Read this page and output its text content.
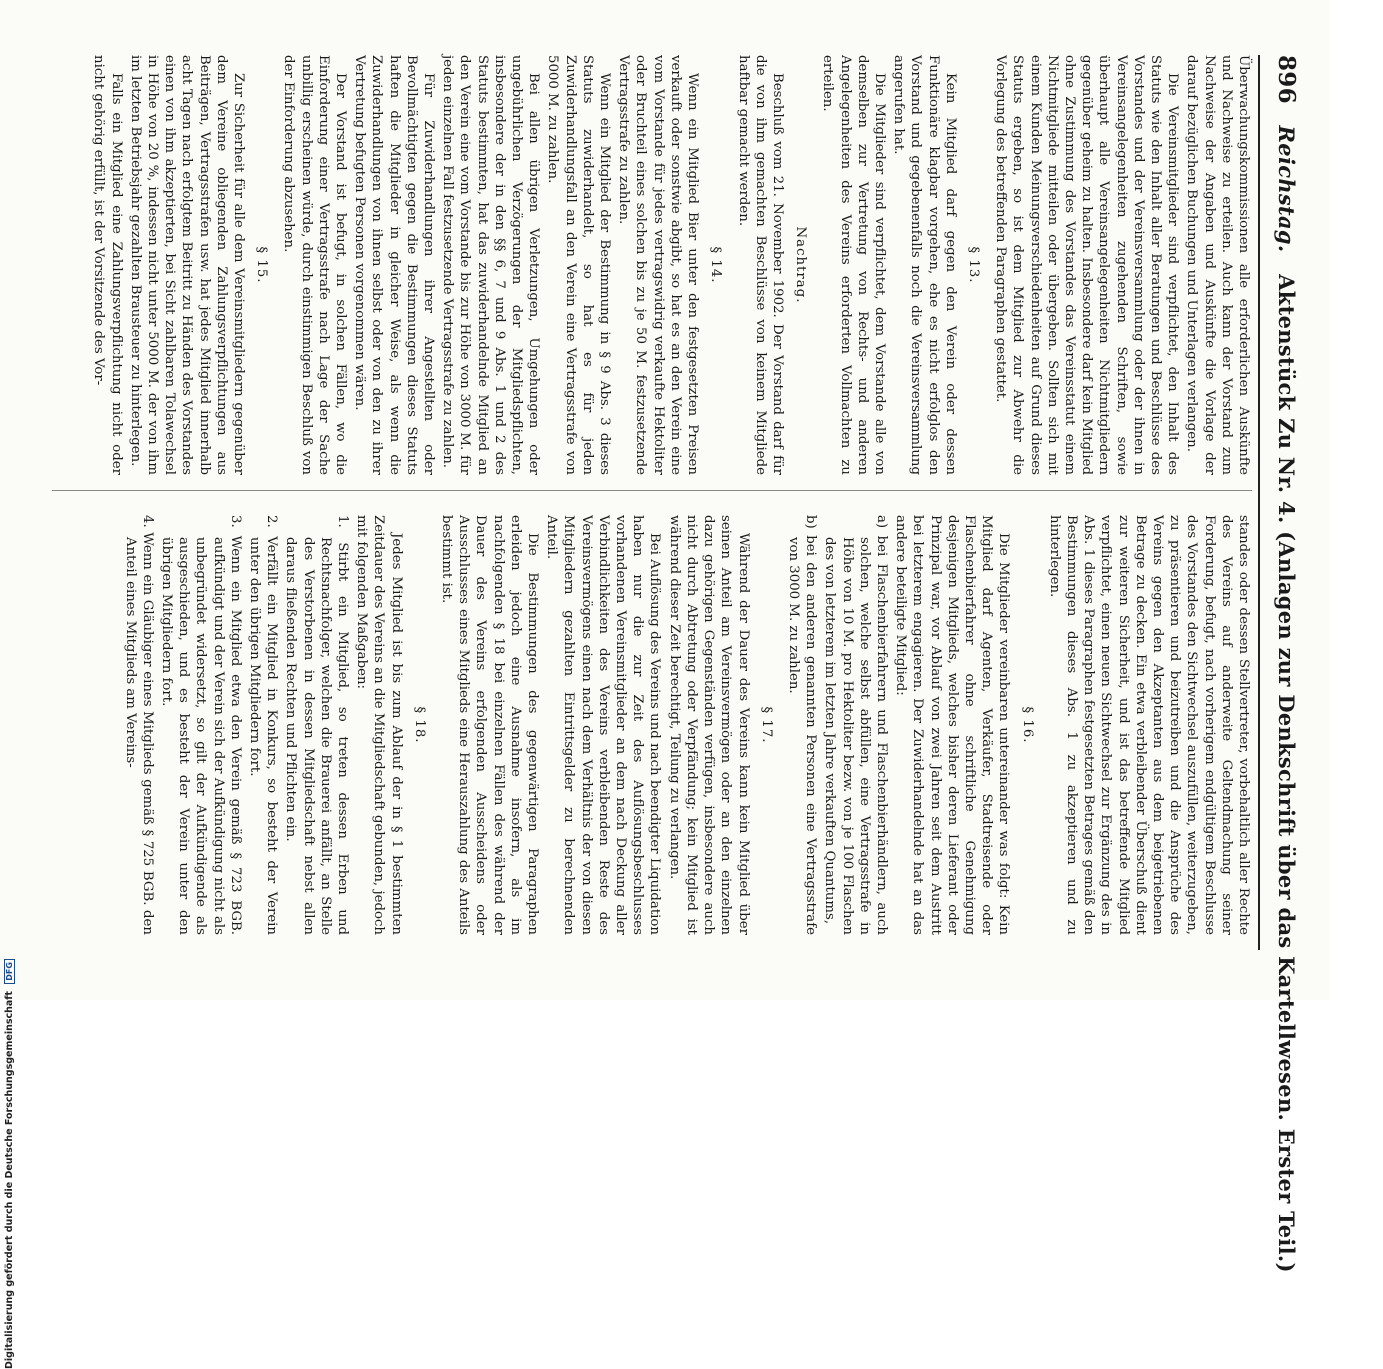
896 Reichstag. Aktenstück Zu Nr. 4. (Anlagen zur Denkschrift über das Kartellwesen. Erster Teil.)

Überwachungskommissionen alle erforderlichen Auskünfte und Nachweise zu erteilen. Auch kann der Vorstand zum Nachweise der Angaben und Auskünfte die Vorlage der darauf bezüglichen Buchungen und Unterlagen verlangen.

Die Vereinsmitglieder sind verpflichtet, den Inhalt des Statuts wie den Inhalt aller Beratungen und Beschlüsse des Vorstandes und der Vereinsversammlung oder der ihnen in Vereinsangelegenheiten zugehenden Schriften, sowie überhaupt alle Vereinsangelegenheiten Nichtmitgliedern gegenüber geheim zu halten. Insbesondere darf kein Mitglied ohne Zustimmung des Vorstandes das Vereinsstatut einem Nichtmitgliede mitteilen oder übergeben. Sollten sich mit einem Kunden Meinungsverschiedenheiten auf Grund dieses Statuts ergeben, so ist dem Mitglied zur Abwehr die Vorlegung des betreffenden Paragraphen gestattet.

§ 13.

Kein Mitglied darf gegen den Verein oder dessen Funktionäre klagbar vorgehen, ehe es nicht erfolglos den Vorstand und gegebenenfalls noch die Vereinsversammlung angerufen hat.

Die Mitglieder sind verpflichtet, dem Vorstande alle von demselben zur Vertretung von Rechts- und anderen Angelegenheiten des Vereins erforderten Vollmachten zu erteilen.

Nachtrag.

Beschluß vom 21. November 1902. Der Vorstand darf für die von ihm gemachten Beschlüsse von keinem Mitgliede haftbar gemacht werden.

§ 14.

Wenn ein Mitglied Bier unter den festgesetzten Preisen verkauft oder sonstwie abgibt, so hat es an den Verein eine vom Vorstande für jedes vertragswidrig verkaufte Hektoliter oder Bruchteil eines solchen bis zu je 50 M. festzusetzende Vertragsstrafe zu zahlen.

Wenn ein Mitglied der Bestimmung in § 9 Abs. 3 dieses Statuts zuwiderhandelt, so hat es für jeden Zuwiderhandlungsfall an den Verein eine Vertragsstrafe von 5000 M. zu zahlen.

Bei allen übrigen Verletzungen, Umgehungen oder ungebührlichen Verzögerungen der Mitgliedspflichten, insbesondere der in den §§ 6, 7 und 9 Abs. 1 und 2 des Statuts bestimmten, hat das zuwiderhandelnde Mitglied an den Verein eine vom Vorstande bis zur Höhe von 3000 M. für jeden einzelnen Fall festzusetzende Vertragsstrafe zu zahlen.

Für Zuwiderhandlungen ihrer Angestellten oder Bevollmächtigten gegen die Bestimmungen dieses Statuts haften die Mitglieder in gleicher Weise, als wenn die Zuwiderhandlungen von ihnen selbst oder von den zu ihrer Vertretung befugten Personen vorgenommen wären.

Der Vorstand ist befugt, in solchen Fällen, wo die Einforderung einer Vertragsstrafe nach Lage der Sache unbillig erscheinen würde, durch einstimmigen Beschluß von der Einforderung abzusehen.

§ 15.

Zur Sicherheit für alle dem Vereinsmitgliedern gegenüber dem Vereine obliegenden Zahlungsverpflichtungen aus Beiträgen, Vertragsstrafen usw. hat jedes Mitglied innerhalb acht Tagen nach erfolgtem Beitritt zu Händen des Vorstandes einen von ihm akzeptierten, bei Sicht zahlbaren Tolawechsel in Höhe von 20 %, indessen nicht unter 5000 M. der von ihm im letzten Betriebsjahr gezahlten Brausteuer zu hinterlegen.

Falls ein Mitglied eine Zahlungsverpflichtung nicht oder nicht gehörig erfüllt, ist der Vorsitzende des Vor-

standes oder dessen Stellvertreter, vorbehaltlich aller Rechte des Vereins auf anderweite Geltendmachung seiner Forderung, befugt, nach vorherigem endgültigem Beschlusse des Vorstandes den Sichtwechsel auszufüllen, weiterzugeben, zu präsentieren und beizutreiben und die Ansprüche des Vereins gegen den Akzeptanten aus dem beigetriebenen Betrage zu decken. Ein etwa verbleibender Überschuß dient zur weiteren Sicherheit, und ist das betreffende Mitglied verpflichtet, einen neuen Sichtwechsel zur Ergänzung des in Abs. 1 dieses Paragraphen festgesetzten Betrages gemäß den Bestimmungen dieses Abs. 1 zu akzeptieren und zu hinterlegen.

§ 16.

Die Mitglieder vereinbaren untereinander was folgt: Kein Mitglied darf Agenten, Verkäufer, Stadtreisende oder Flaschenbierfahrer ohne schriftliche Genehmigung desjenigen Mitglieds, welches bisher deren Lieferant oder Prinzipal war, vor Ablauf von zwei Jahren seit dem Austritt bei letzterem engagieren. Der Zuwiderhandelnde hat an das andere beteiligte Mitglied:

a) bei Flaschenbierfahrern und Flaschenbierhändlern, auch solchen, welche selbst abfüllen, eine Vertragsstrafe in Höhe von 10 M. pro Hektoliter bezw. von je 100 Flaschen des von letzterem im letzten Jahre verkauften Quantums,

b) bei den anderen genannten Personen eine Vertragsstrafe von 3000 M. zu zahlen.

§ 17.

Während der Dauer des Vereins kann kein Mitglied über seinen Anteil am Vereinsvermögen oder an den einzelnen dazu gehörigen Gegenständen verfügen, insbesondere auch nicht durch Abtretung oder Verpfändung; kein Mitglied ist während dieser Zeit berechtigt, Teilung zu verlangen.

Bei Auflösung des Vereins und nach beendigter Liquidation haben nur die zur Zeit des Auflösungsbeschlusses vorhandenen Vereinsmitglieder an dem nach Deckung aller Verbindlichkeiten des Vereins verbleibenden Reste des Vereinsvermögens einen nach dem Verhältnis der von diesen Mitgliedern gezahlten Eintrittsgelder zu berechnenden Anteil.

Die Bestimmungen des gegenwärtigen Paragraphen erleiden jedoch eine Ausnahme insofern, als im nachfolgenden § 18 bei einzelnen Fällen des während der Dauer des Vereins erfolgenden Ausscheidens oder Ausschlusses eines Mitglieds eine Herauszahlung des Anteils bestimmt ist.

§ 18.

Jedes Mitglied ist bis zum Ablauf der in § 1 bestimmten Zeitdauer des Vereins an die Mitgliedschaft gebunden, jedoch mit folgenden Maßgaben:

1. Stirbt ein Mitglied, so treten dessen Erben und Rechtsnachfolger, welchen die Brauerei anfällt, an Stelle des Verstorbenen in dessen Mitgliedschaft nebst allen daraus fließenden Rechten und Pflichten ein.

2. Verfällt ein Mitglied in Konkurs, so besteht der Verein unter den übrigen Mitgliedern fort.

3. Wenn ein Mitglied etwa den Verein gemäß § 723 BGB. aufkündigt und der Verein sich der Aufkündigung nicht als unbegründet widersetzt, so gilt der Aufkündigende als ausgeschieden, und es besteht der Verein unter den übrigen Mitgliedern fort.

4. Wenn ein Gläubiger eines Mitglieds gemäß § 725 BGB. den Anteil eines Mitglieds am Vereins-

Digitalisierung gefördert durch die Deutsche Forschungsgemeinschaft DFG
